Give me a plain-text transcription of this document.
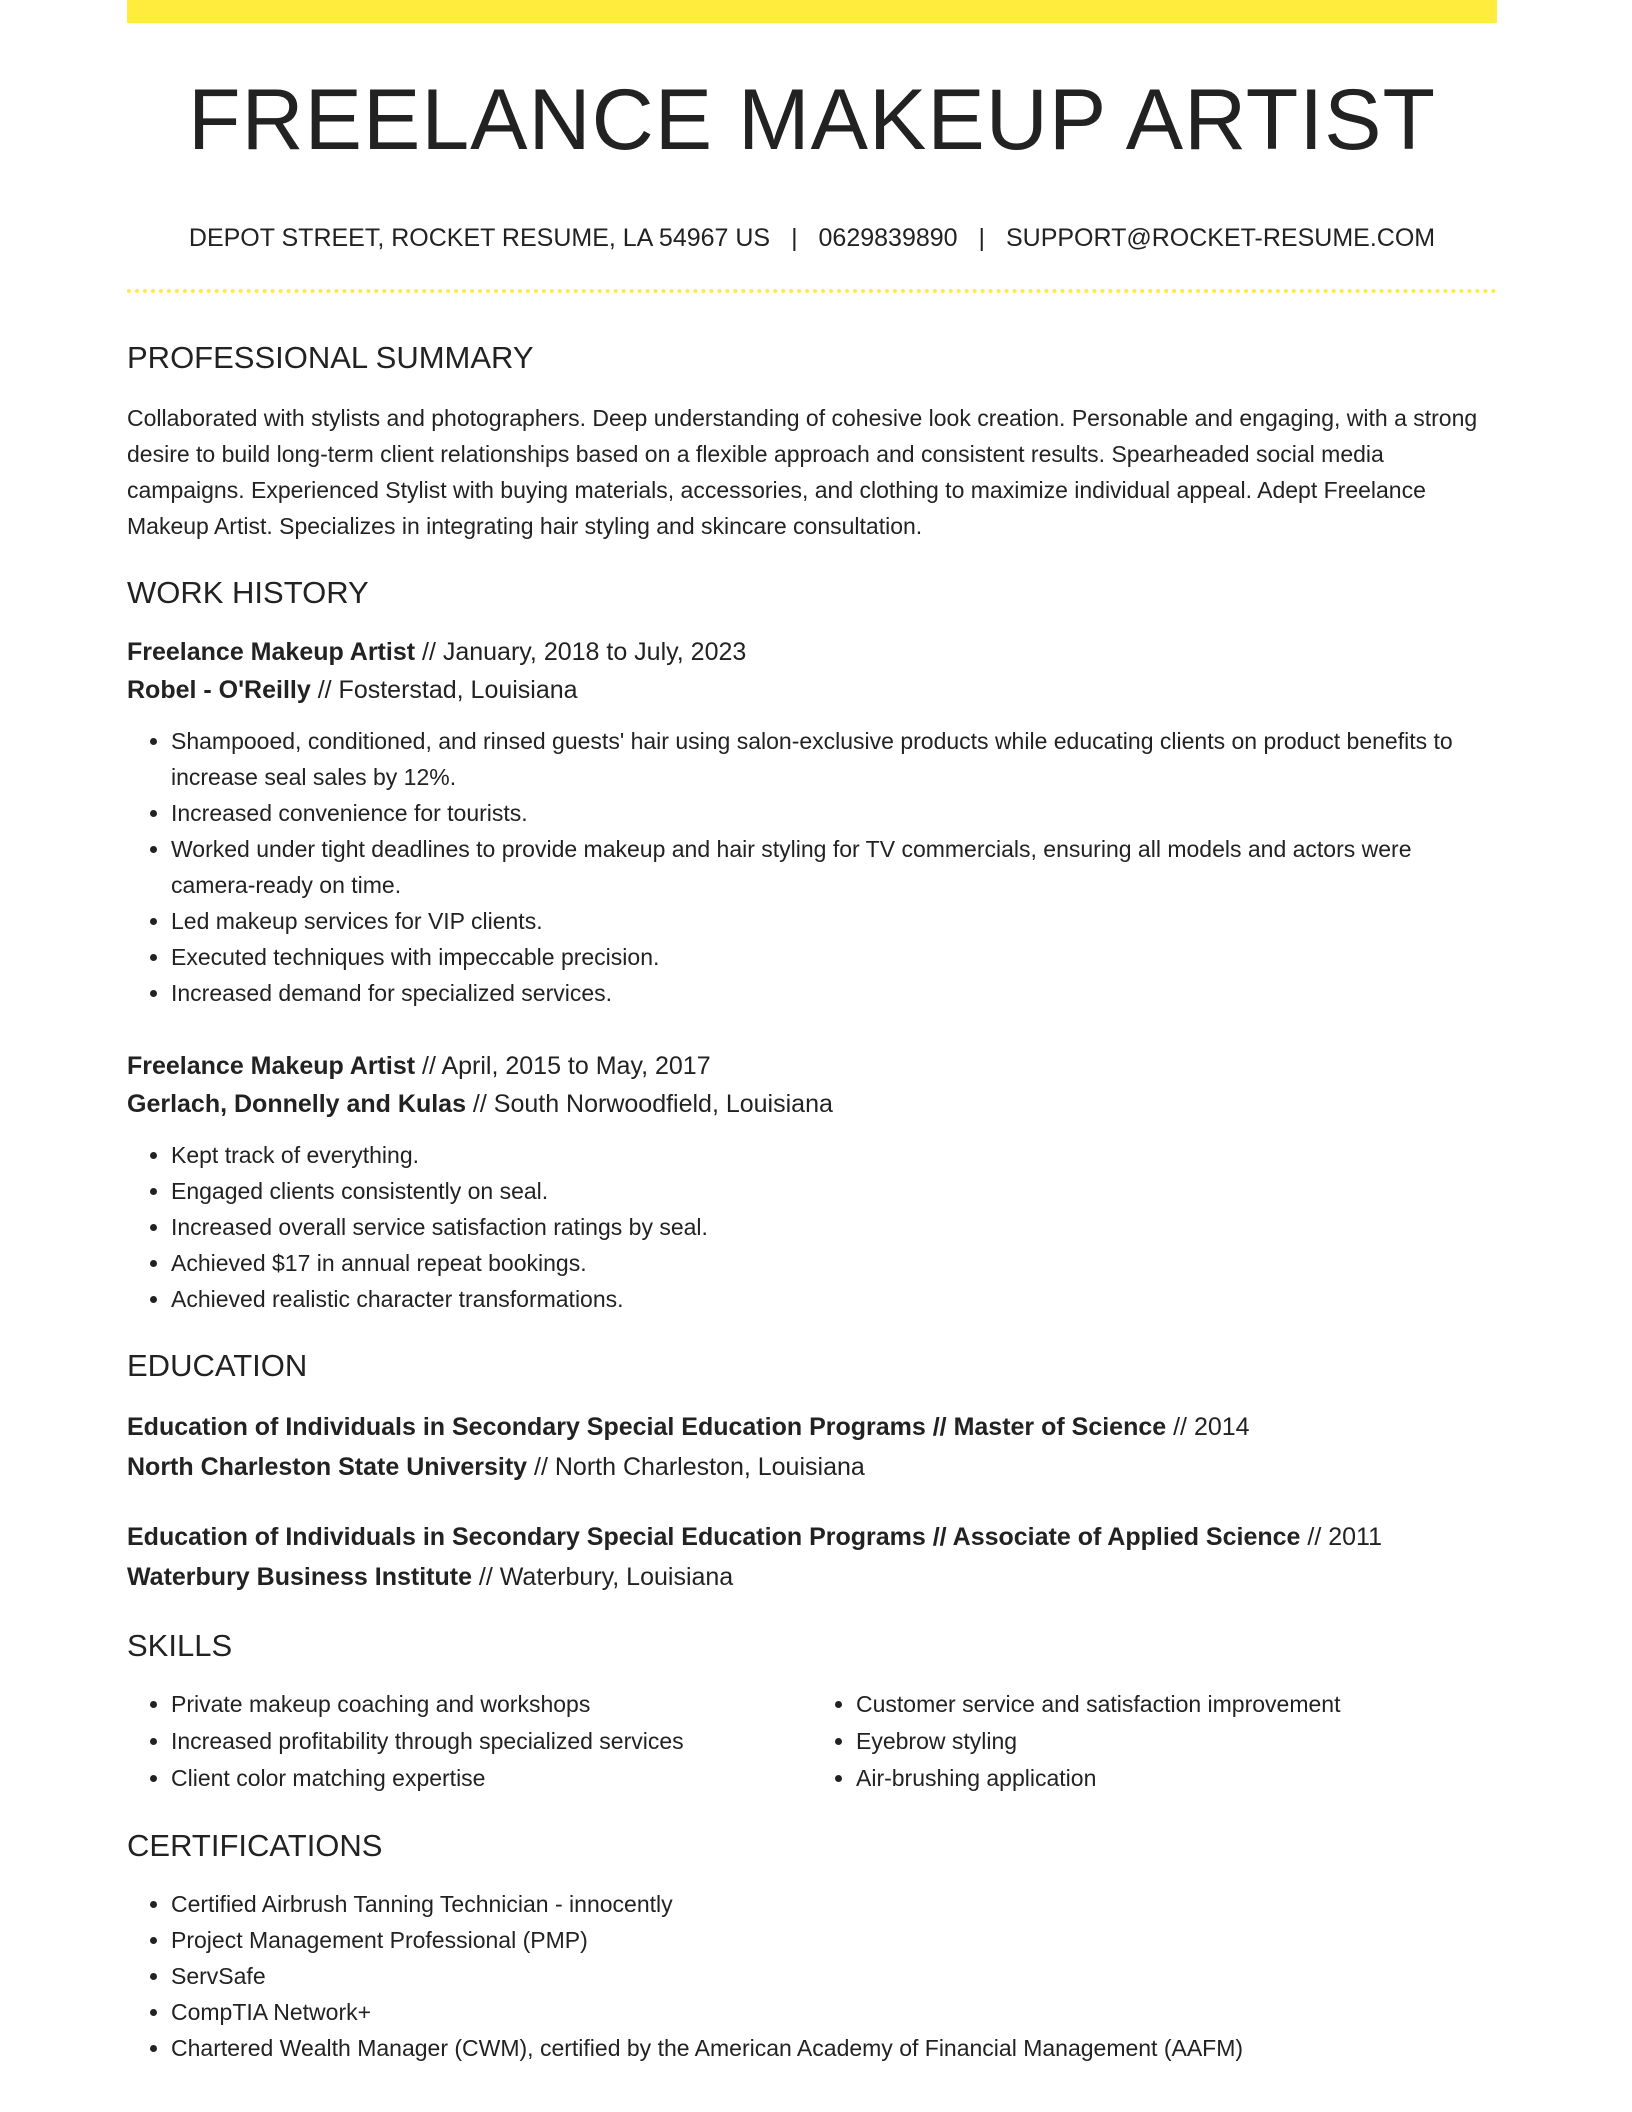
FREELANCE MAKEUP ARTIST
DEPOT STREET, ROCKET RESUME, LA 54967 US | 0629839890 | SUPPORT@ROCKET-RESUME.COM
PROFESSIONAL SUMMARY
Collaborated with stylists and photographers. Deep understanding of cohesive look creation. Personable and engaging, with a strong desire to build long-term client relationships based on a flexible approach and consistent results. Spearheaded social media campaigns. Experienced Stylist with buying materials, accessories, and clothing to maximize individual appeal. Adept Freelance Makeup Artist. Specializes in integrating hair styling and skincare consultation.
WORK HISTORY
Freelance Makeup Artist // January, 2018 to July, 2023
Robel - O'Reilly // Fosterstad, Louisiana
• Shampooed, conditioned, and rinsed guests' hair using salon-exclusive products while educating clients on product benefits to increase seal sales by 12%.
• Increased convenience for tourists.
• Worked under tight deadlines to provide makeup and hair styling for TV commercials, ensuring all models and actors were camera-ready on time.
• Led makeup services for VIP clients.
• Executed techniques with impeccable precision.
• Increased demand for specialized services.
Freelance Makeup Artist // April, 2015 to May, 2017
Gerlach, Donnelly and Kulas // South Norwoodfield, Louisiana
• Kept track of everything.
• Engaged clients consistently on seal.
• Increased overall service satisfaction ratings by seal.
• Achieved $17 in annual repeat bookings.
• Achieved realistic character transformations.
EDUCATION
Education of Individuals in Secondary Special Education Programs // Master of Science // 2014
North Charleston State University // North Charleston, Louisiana
Education of Individuals in Secondary Special Education Programs // Associate of Applied Science // 2011
Waterbury Business Institute // Waterbury, Louisiana
SKILLS
• Private makeup coaching and workshops
• Increased profitability through specialized services
• Client color matching expertise
• Customer service and satisfaction improvement
• Eyebrow styling
• Air-brushing application
CERTIFICATIONS
• Certified Airbrush Tanning Technician - innocently
• Project Management Professional (PMP)
• ServSafe
• CompTIA Network+
• Chartered Wealth Manager (CWM), certified by the American Academy of Financial Management (AAFM)
